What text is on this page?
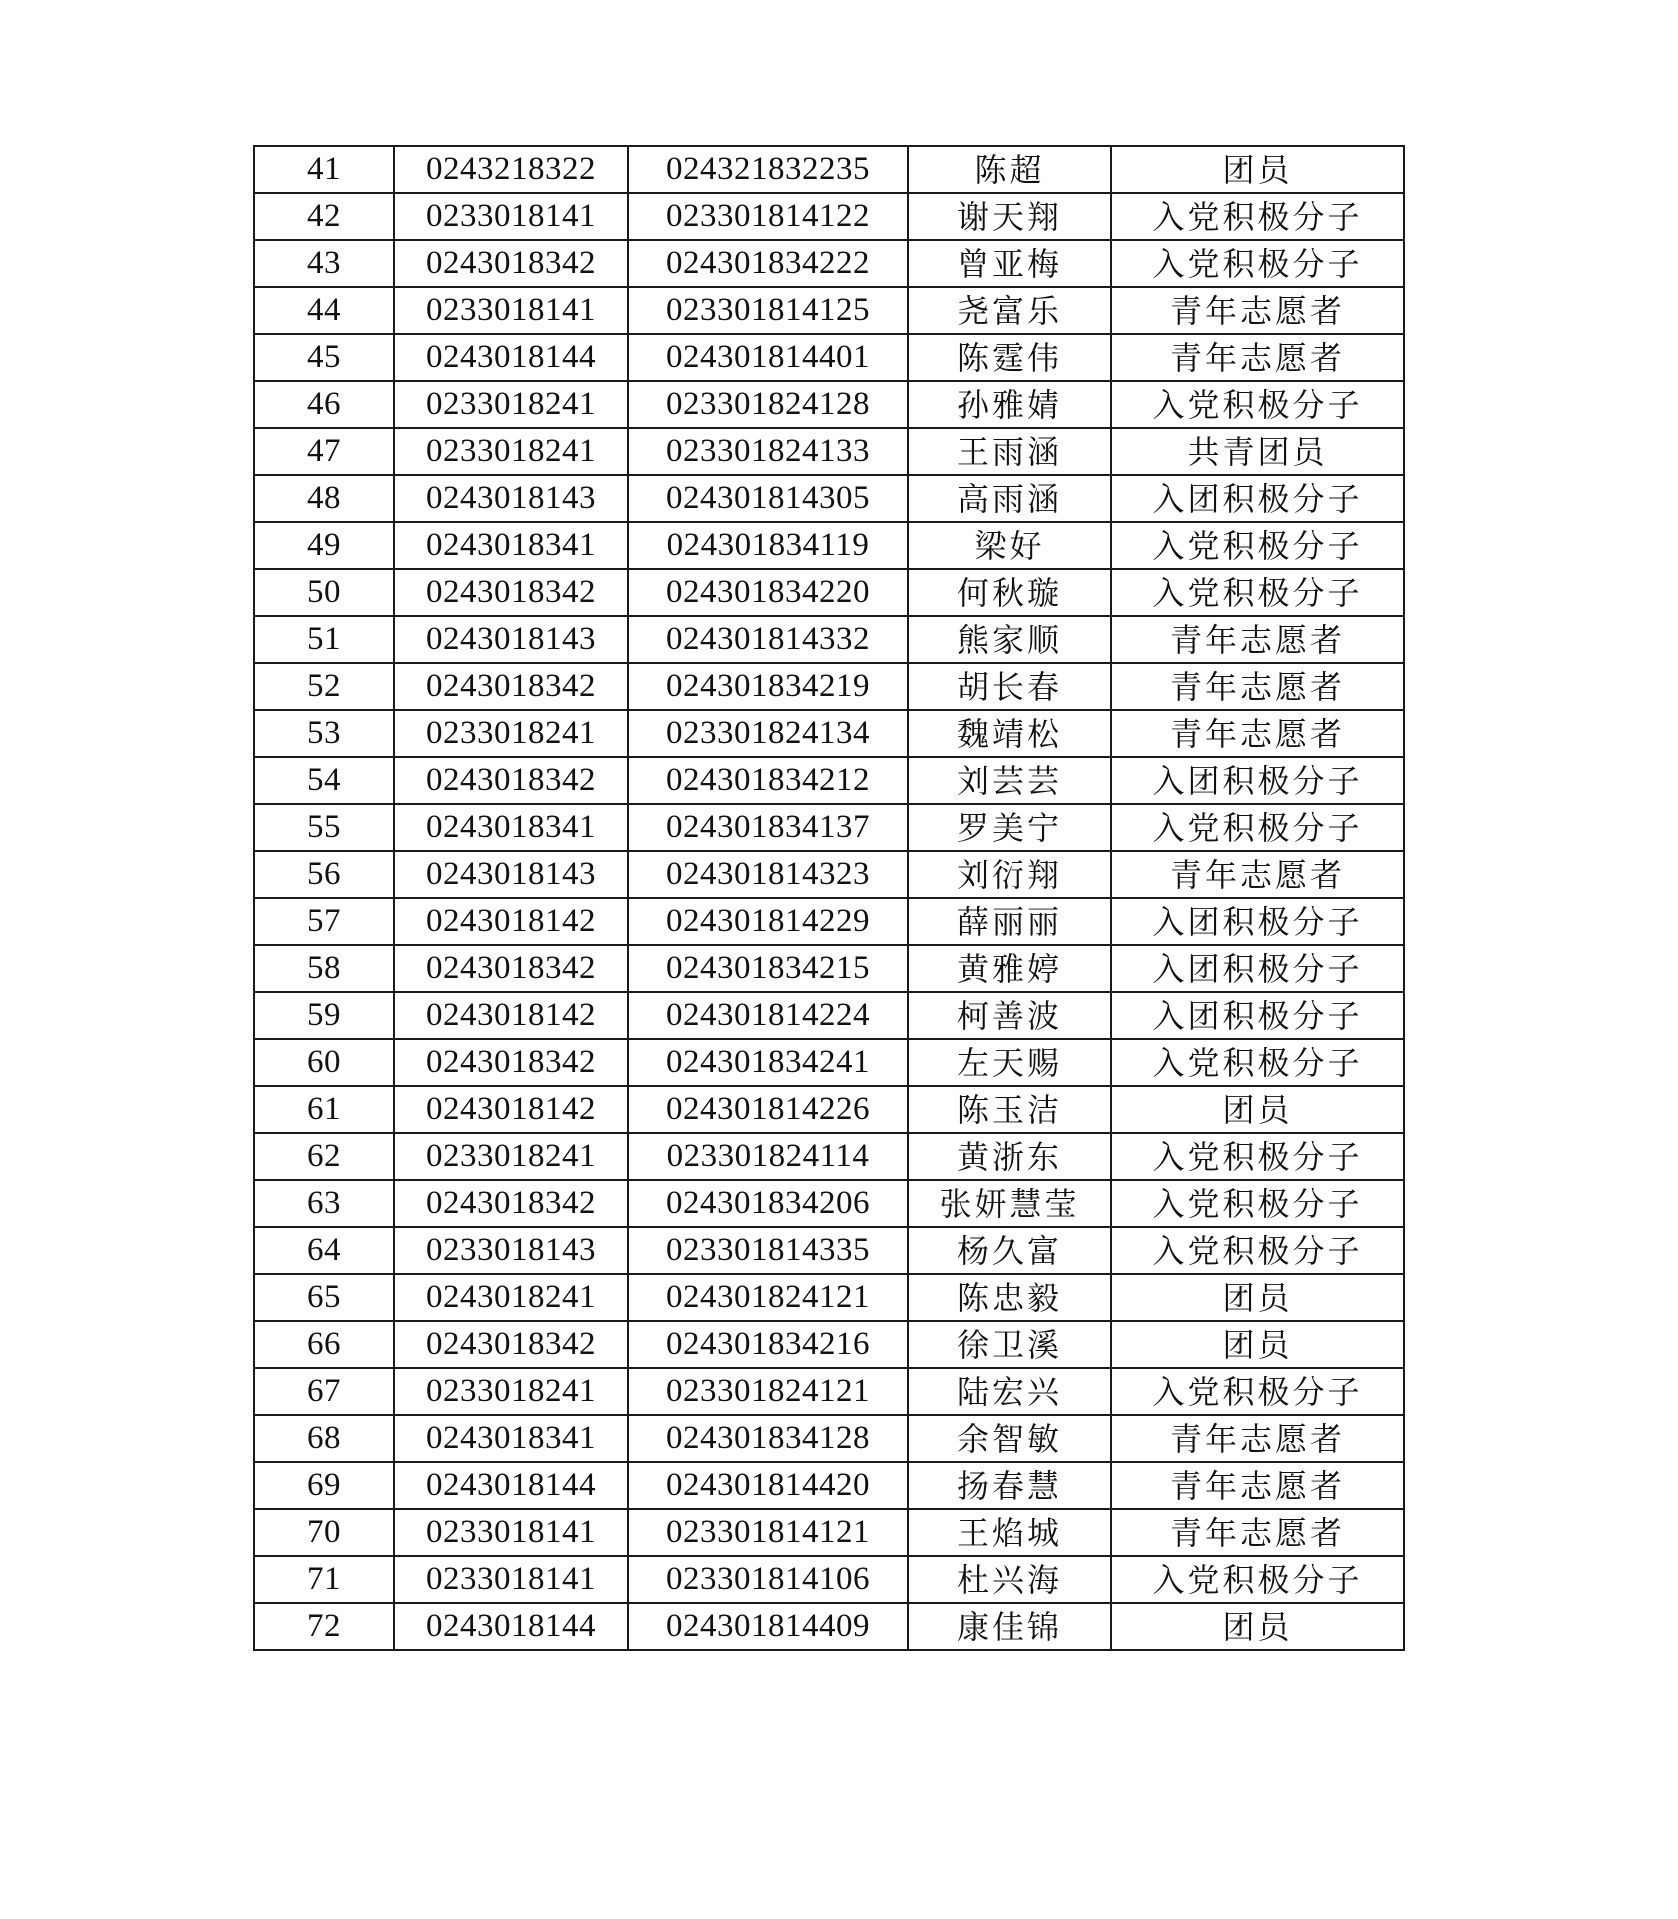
41	0243218322	024321832235	陈超	团员
42	0233018141	023301814122	谢天翔	入党积极分子
43	0243018342	024301834222	曾亚梅	入党积极分子
44	0233018141	023301814125	尧富乐	青年志愿者
45	0243018144	024301814401	陈霆伟	青年志愿者
46	0233018241	023301824128	孙雅婧	入党积极分子
47	0233018241	023301824133	王雨涵	共青团员
48	0243018143	024301814305	高雨涵	入团积极分子
49	0243018341	024301834119	梁好	入党积极分子
50	0243018342	024301834220	何秋璇	入党积极分子
51	0243018143	024301814332	熊家顺	青年志愿者
52	0243018342	024301834219	胡长春	青年志愿者
53	0233018241	023301824134	魏靖松	青年志愿者
54	0243018342	024301834212	刘芸芸	入团积极分子
55	0243018341	024301834137	罗美宁	入党积极分子
56	0243018143	024301814323	刘衍翔	青年志愿者
57	0243018142	024301814229	薛丽丽	入团积极分子
58	0243018342	024301834215	黄雅婷	入团积极分子
59	0243018142	024301814224	柯善波	入团积极分子
60	0243018342	024301834241	左天赐	入党积极分子
61	0243018142	024301814226	陈玉洁	团员
62	0233018241	023301824114	黄浙东	入党积极分子
63	0243018342	024301834206	张妍慧莹	入党积极分子
64	0233018143	023301814335	杨久富	入党积极分子
65	0243018241	024301824121	陈忠毅	团员
66	0243018342	024301834216	徐卫溪	团员
67	0233018241	023301824121	陆宏兴	入党积极分子
68	0243018341	024301834128	余智敏	青年志愿者
69	0243018144	024301814420	扬春慧	青年志愿者
70	0233018141	023301814121	王焰城	青年志愿者
71	0233018141	023301814106	杜兴海	入党积极分子
72	0243018144	024301814409	康佳锦	团员
